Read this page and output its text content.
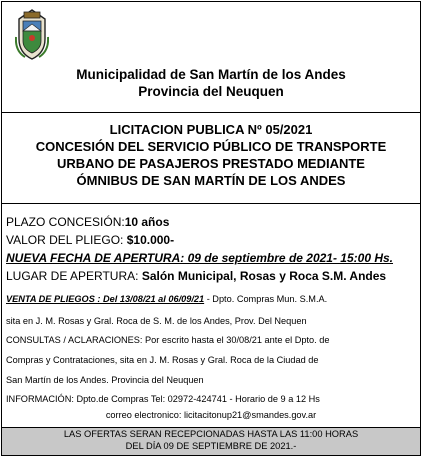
Municipalidad de San Martín de los Andes
Provincia del Neuquen
LICITACION PUBLICA Nº 05/2021
CONCESIÓN DEL SERVICIO PÚBLICO DE TRANSPORTE
URBANO DE PASAJEROS PRESTADO MEDIANTE
ÓMNIBUS DE SAN MARTÍN DE LOS ANDES
PLAZO CONCESIÓN:10 años
VALOR DEL PLIEGO: $10.000-
NUEVA FECHA DE APERTURA: 09 de septiembre de 2021- 15:00 Hs.
LUGAR DE APERTURA: Salón Municipal, Rosas y Roca S.M. Andes
VENTA DE PLIEGOS : Del 13/08/21 al 06/09/21 - Dpto. Compras Mun. S.M.A.
sita en J. M. Rosas y Gral. Roca de S. M. de los Andes, Prov. Del Nequen
CONSULTAS / ACLARACIONES: Por escrito hasta el 30/08/21 ante el Dpto. de
Compras y Contrataciones, sita en J. M. Rosas y Gral. Roca de la Ciudad de
San Martín de los Andes. Provincia del Neuquen
INFORMACIÓN: Dpto.de Compras Tel: 02972-424741 - Horario de 9 a 12 Hs
correo electronico: licitacitonup21@smandes.gov.ar
LAS OFERTAS SERAN RECEPCIONADAS HASTA LAS 11:00 HORAS
DEL DÍA 09 DE SEPTIEMBRE DE 2021.-
